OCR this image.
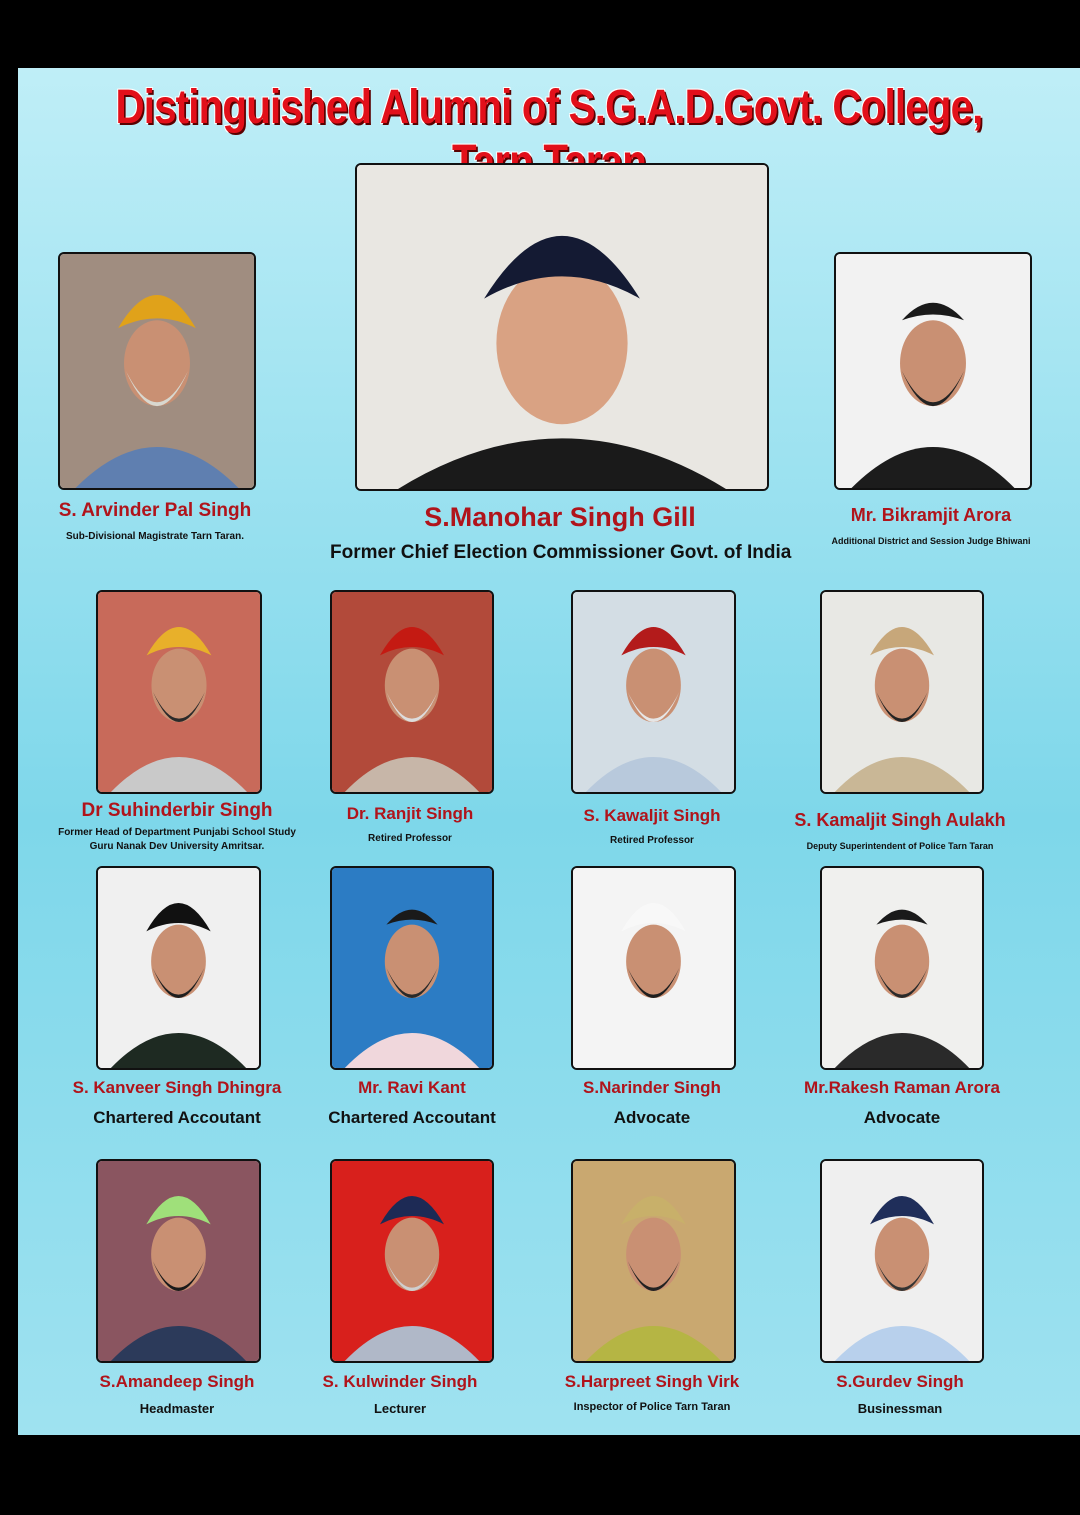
Distinguished Alumni of S.G.A.D.Govt. College,
S.Manohar Singh Gill
Former Chief Election Commissioner Govt. of India
S. Arvinder Pal Singh
Sub-Divisional Magistrate Tarn Taran.
Mr. Bikramjit Arora
Additional District and Session Judge Bhiwani
Dr Suhinderbir Singh
Former Head of Department Punjabi School Study
Guru Nanak Dev University Amritsar.
Dr. Ranjit Singh
Retired Professor
S. Kawaljit Singh
Retired Professor
S. Kamaljit Singh Aulakh
Deputy Superintendent of Police Tarn Taran
S. Kanveer Singh Dhingra
Chartered Accoutant
Mr. Ravi Kant
Chartered Accoutant
S.Narinder Singh
Advocate
Mr.Rakesh Raman Arora
Advocate
S.Amandeep Singh
Headmaster
S. Kulwinder Singh
Lecturer
S.Harpreet Singh Virk
Inspector of Police Tarn Taran
S.Gurdev Singh
Businessman
